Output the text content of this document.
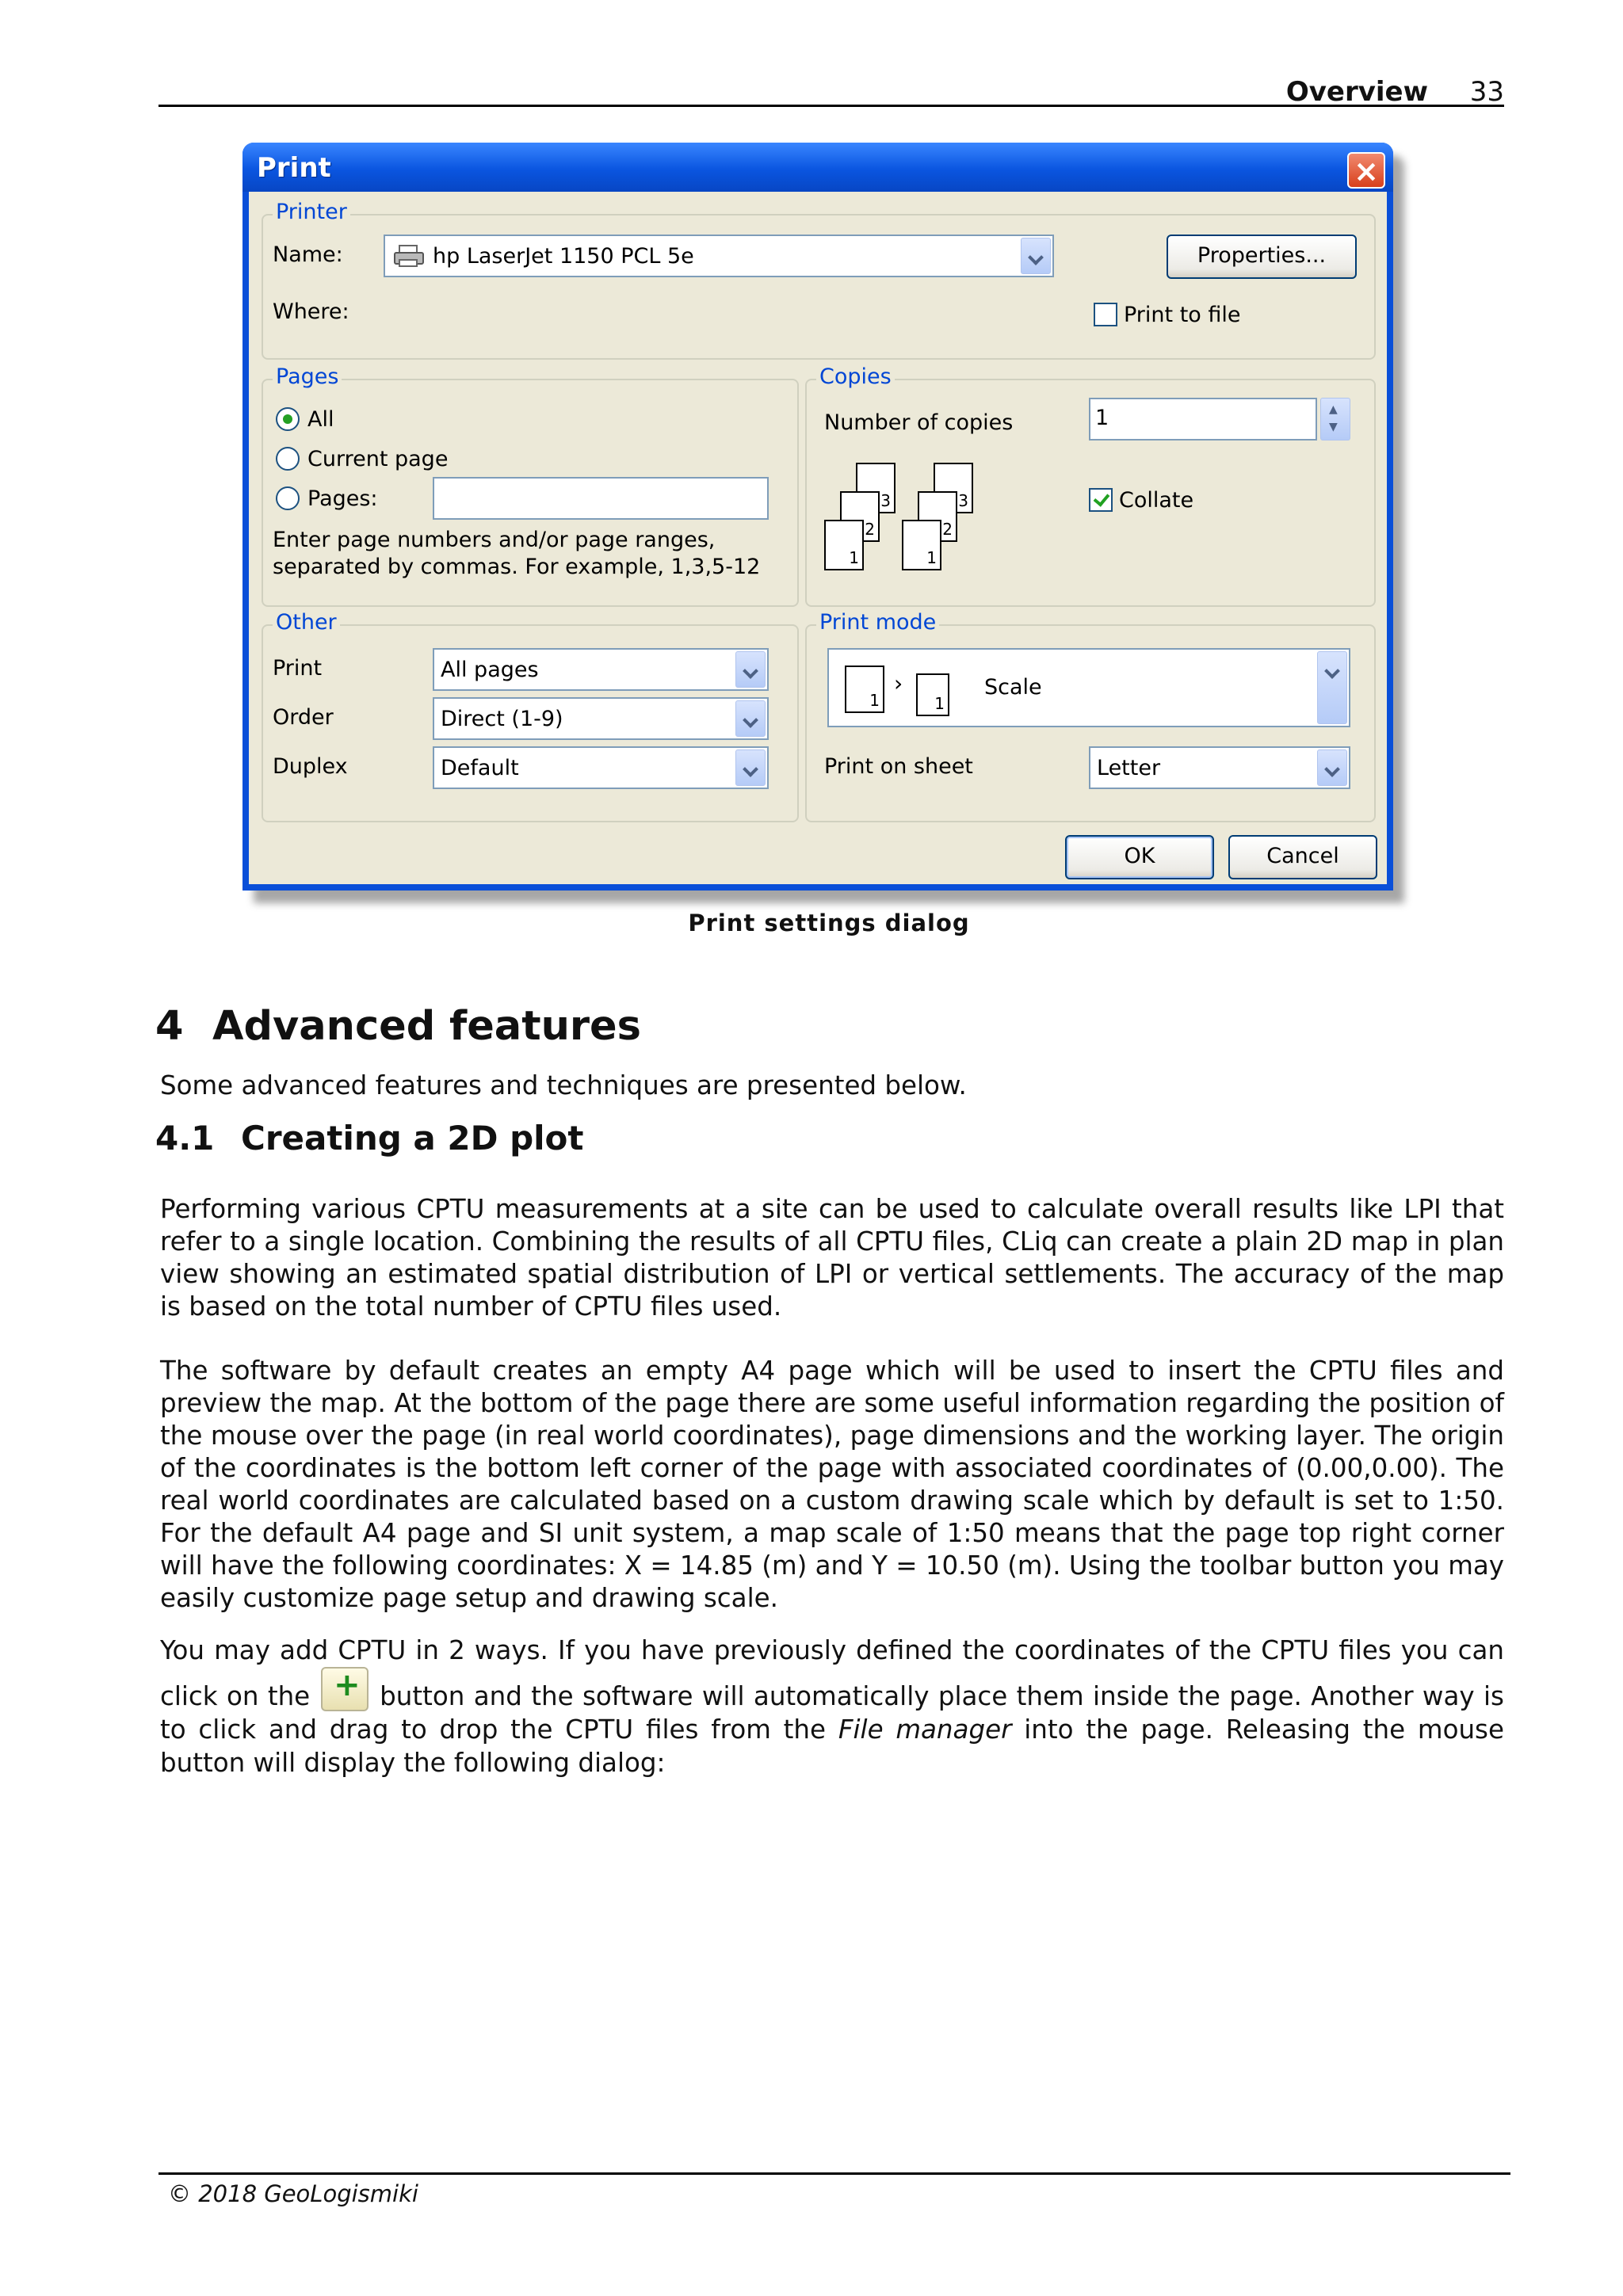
Overview 33
Print	×
Printer
Name:	hp LaserJet 1150 PCL 5e	Properties...
Where:	Print to file
Pages
All
Current page
Pages:
Enter page numbers and/or page ranges,
separated by commas. For example, 1,3,5-12
Copies
Number of copies	1	▲
▼
3
2
1
3
2
1
Collate
Other
Print	All pages
Order	Direct (1-9)
Duplex	Default
Print mode
1
›
1
Scale
Print on sheet	Letter
OK	Cancel
Print settings dialog
4 Advanced features
Some advanced features and techniques are presented below.
4.1 Creating a 2D plot
Performing various CPTU measurements at a site can be used to calculate overall results like LPI that refer to a single location. Combining the results of all CPTU files, CLiq can create a plain 2D map in plan view showing an estimated spatial distribution of LPI or vertical settlements. The accuracy of the map is based on the total number of CPTU files used.
The software by default creates an empty A4 page which will be used to insert the CPTU files and preview the map. At the bottom of the page there are some useful information regarding the position of the mouse over the page (in real world coordinates), page dimensions and the working layer. The origin of the coordinates is the bottom left corner of the page with associated coordinates of (0.00,0.00). The real world coordinates are calculated based on a custom drawing scale which by default is set to 1:50. For the default A4 page and SI unit system, a map scale of 1:50 means that the page top right corner will have the following coordinates: X = 14.85 (m) and Y = 10.50 (m). Using the toolbar button you may easily customize page setup and drawing scale.
You may add CPTU in 2 ways. If you have previously defined the coordinates of the CPTU files you can click on the+	button and the software will automatically place them inside the page. Another way is to click and drag to drop the CPTU files from the File manager into the page. Releasing the mouse button will display the following dialog:
© 2018 GeoLogismiki
